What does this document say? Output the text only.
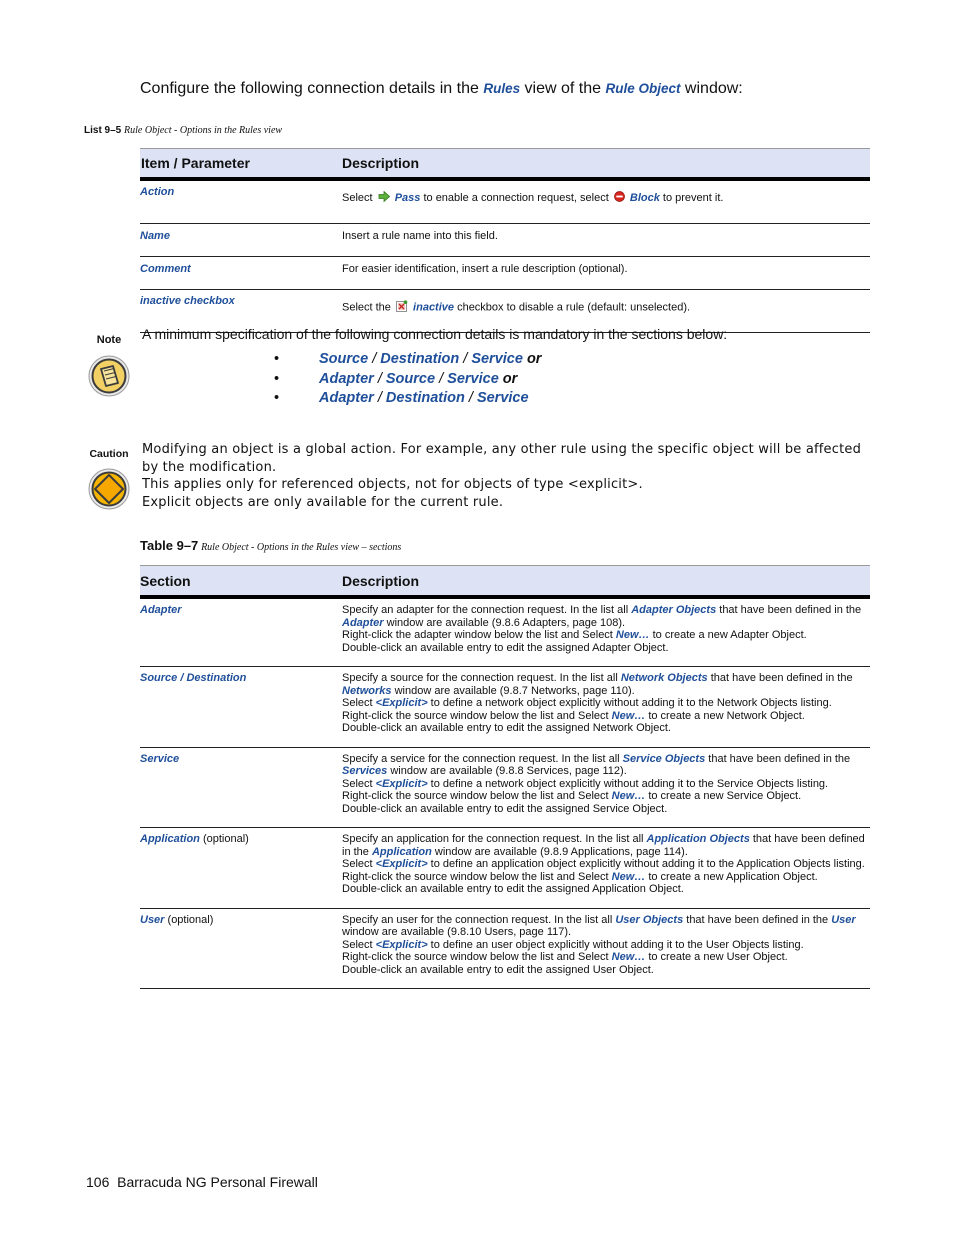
Configure the following connection details in the Rules view of the Rule Object window:
List 9–5 Rule Object - Options in the Rules view
Item / Parameter	Description
Action	Select  Pass to enable a connection request, select  Block to prevent it.
Name	Insert a rule name into this field.
Comment	For easier identification, insert a rule description (optional).
inactive checkbox	Select the  inactive checkbox to disable a rule (default: unselected).
Note	A minimum specification of the following connection details is mandatory in the sections below:
•	Source / Destination / Service or
•	Adapter / Source / Service or
•	Adapter / Destination / Service
Caution Modifying an object is a global action. For example, any other rule using the specific object will be affected by the modification.
This applies only for referenced objects, not for objects of type <explicit>.
Explicit objects are only available for the current rule.
Table 9–7 Rule Object - Options in the Rules view – sections
Section	Description
Adapter	Specify an adapter for the connection request. In the list all Adapter Objects that have been defined in the
Adapter window are available (9.8.6 Adapters, page 108).
Right-click the adapter window below the list and Select New… to create a new Adapter Object.
Double-click an available entry to edit the assigned Adapter Object.

Source / Destination	Specify a source for the connection request. In the list all Network Objects that have been defined in the
Networks window are available (9.8.7 Networks, page 110).
Select <Explicit> to define a network object explicitly without adding it to the Network Objects listing.
Right-click the source window below the list and Select New… to create a new Network Object.
Double-click an available entry to edit the assigned Network Object.

Service	Specify a service for the connection request. In the list all Service Objects that have been defined in the
Services window are available (9.8.8 Services, page 112).
Select <Explicit> to define a network object explicitly without adding it to the Service Objects listing.
Right-click the source window below the list and Select New… to create a new Service Object.
Double-click an available entry to edit the assigned Service Object.

Application (optional)	Specify an application for the connection request. In the list all Application Objects that have been defined
in the Application window are available (9.8.9 Applications, page 114).
Select <Explicit> to define an application object explicitly without adding it to the Application Objects listing.
Right-click the source window below the list and Select New… to create a new Application Object.
Double-click an available entry to edit the assigned Application Object.

User (optional)	Specify an user for the connection request. In the list all User Objects that have been defined in the User
window are available (9.8.10 Users, page 117).
Select <Explicit> to define an user object explicitly without adding it to the User Objects listing.
Right-click the source window below the list and Select New… to create a new User Object.
Double-click an available entry to edit the assigned User Object.
106 Barracuda NG Personal Firewall
